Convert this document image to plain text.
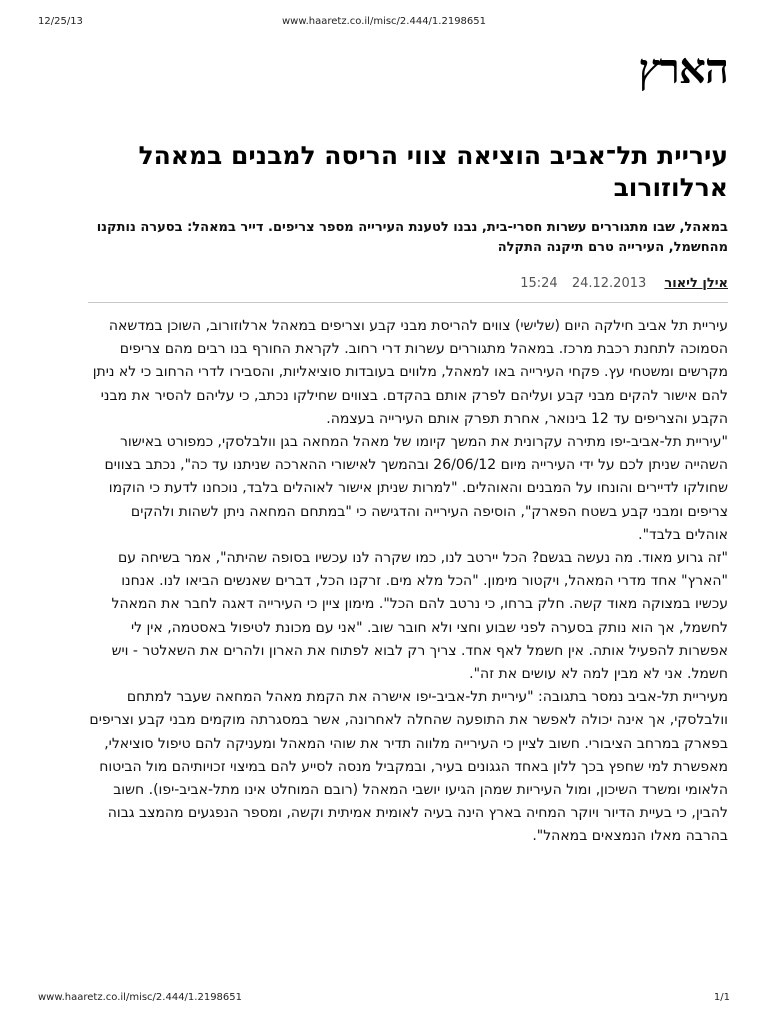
12/25/13	www.haaretz.co.il/misc/2.444/1.2198651
הארץ
עיריית תל־אביב הוציאה צווי הריסה למבנים במאהל ארלוזורוב
במאהל, שבו מתגוררים עשרות חסרי-בית, נבנו לטענת העירייה מספר צריפים. דייר במאהל: בסערה נותקנו מהחשמל, העירייה טרם תיקנה התקלה
אילן ליאור 24.12.2013 15:24

עיריית תל אביב חילקה היום (שלישי) צווים להריסת מבני קבע וצריפים במאהל ארלוזורוב, השוכן במדשאה הסמוכה לתחנת רכבת מרכז. במאהל מתגוררים עשרות דרי רחוב. לקראת החורף בנו רבים מהם צריפים מקרשים ומשטחי עץ. פקחי העירייה באו למאהל, מלווים בעובדות סוציאליות, והסבירו לדרי הרחוב כי לא ניתן להם אישור להקים מבני קבע ועליהם לפרק אותם בהקדם. בצווים שחילקו נכתב, כי עליהם להסיר את מבני הקבע והצריפים עד 12 בינואר, אחרת תפרק אותם העירייה בעצמה.

"עיריית תל-אביב-יפו מתירה עקרונית את המשך קיומו של מאהל המחאה בגן וולבלסקי, כמפורט באישור השהייה שניתן לכם על ידי העירייה מיום 26/06/12 ובהמשך לאישורי ההארכה שניתנו עד כה", נכתב בצווים שחולקו לדיירים והונחו על המבנים והאוהלים. "למרות שניתן אישור לאוהלים בלבד, נוכחנו לדעת כי הוקמו צריפים ומבני קבע בשטח הפארק", הוסיפה העירייה והדגישה כי "במתחם המחאה ניתן לשהות ולהקים אוהלים בלבד".

"זה גרוע מאוד. מה נעשה בגשם? הכל יירטב לנו, כמו שקרה לנו עכשיו בסופה שהיתה", אמר בשיחה עם "הארץ" אחד מדרי המאהל, ויקטור מימון. "הכל מלא מים. זרקנו הכל, דברים שאנשים הביאו לנו. אנחנו עכשיו במצוקה מאוד קשה. חלק ברחו, כי נרטב להם הכל". מימון ציין כי העירייה דאגה לחבר את המאהל לחשמל, אך הוא נותק בסערה לפני שבוע וחצי ולא חובר שוב. "אני עם מכונת לטיפול באסטמה, אין לי אפשרות להפעיל אותה. אין חשמל לאף אחד. צריך רק לבוא לפתוח את הארון ולהרים את השאלטר - ויש חשמל. אני לא מבין למה לא עושים את זה".

מעיריית תל-אביב נמסר בתגובה: "עיריית תל-אביב-יפו אישרה את הקמת מאהל המחאה שעבר למתחם וולבלסקי, אך אינה יכולה לאפשר את התופעה שהחלה לאחרונה, אשר במסגרתה מוקמים מבני קבע וצריפים בפארק במרחב הציבורי. חשוב לציין כי העירייה מלווה תדיר את שוהי המאהל ומעניקה להם טיפול סוציאלי, מאפשרת למי שחפץ בכך ללון באחד הגגונים בעיר, ובמקביל מנסה לסייע להם במיצוי זכויותיהם מול הביטוח הלאומי ומשרד השיכון, ומול העיריות שמהן הגיעו יושבי המאהל (רובם המוחלט אינו מתל-אביב-יפו). חשוב להבין, כי בעיית הדיור ויוקר המחיה בארץ הינה בעיה לאומית אמיתית וקשה, ומספר הנפגעים מהמצב גבוה בהרבה מאלו הנמצאים במאהל".

www.haaretz.co.il/misc/2.444/1.2198651	1/1
